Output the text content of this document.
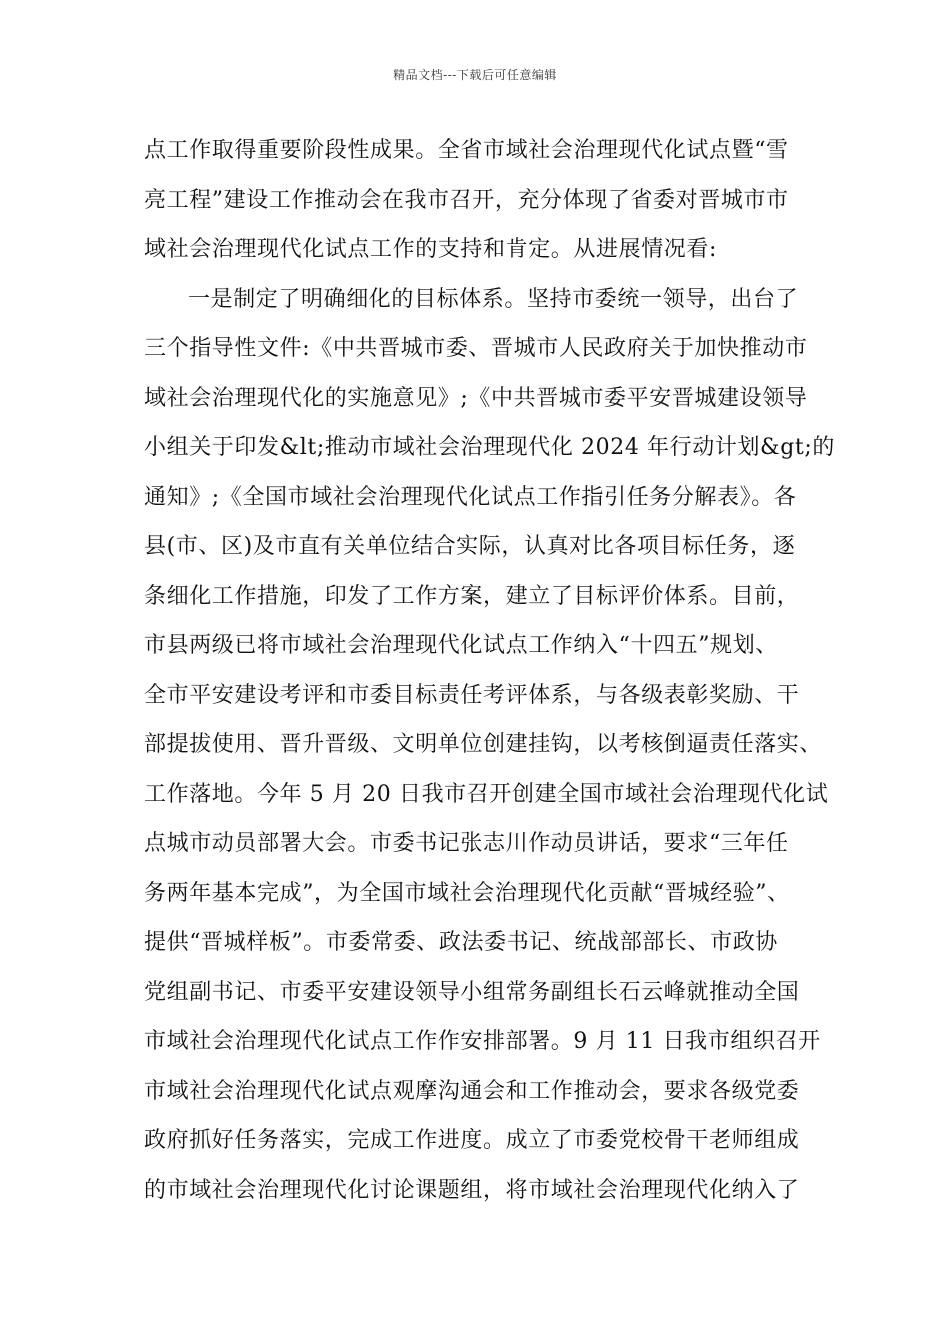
精品文档---下载后可任意编辑
点工作取得重要阶段性成果。全省市域社会治理现代化试点暨“雪
亮工程”建设工作推动会在我市召开，充分体现了省委对晋城市市
域社会治理现代化试点工作的支持和肯定。从进展情况看:
一是制定了明确细化的目标体系。坚持市委统一领导，出台了
三个指导性文件:《中共晋城市委、晋城市人民政府关于加快推动市
域社会治理现代化的实施意见》;《中共晋城市委平安晋城建设领导
小组关于印发&lt;推动市域社会治理现代化 2024 年行动计划&gt;的
通知》;《全国市域社会治理现代化试点工作指引任务分解表》。各
县(市、区)及市直有关单位结合实际，认真对比各项目标任务，逐
条细化工作措施，印发了工作方案，建立了目标评价体系。目前，
市县两级已将市域社会治理现代化试点工作纳入“十四五”规划、
全市平安建设考评和市委目标责任考评体系，与各级表彰奖励、干
部提拔使用、晋升晋级、文明单位创建挂钩，以考核倒逼责任落实、
工作落地。今年 5 月 20 日我市召开创建全国市域社会治理现代化试
点城市动员部署大会。市委书记张志川作动员讲话，要求“三年任
务两年基本完成”，为全国市域社会治理现代化贡献“晋城经验”、
提供“晋城样板”。市委常委、政法委书记、统战部部长、市政协
党组副书记、市委平安建设领导小组常务副组长石云峰就推动全国
市域社会治理现代化试点工作作安排部署。9 月 11 日我市组织召开
市域社会治理现代化试点观摩沟通会和工作推动会，要求各级党委
政府抓好任务落实，完成工作进度。成立了市委党校骨干老师组成
的市域社会治理现代化讨论课题组，将市域社会治理现代化纳入了
